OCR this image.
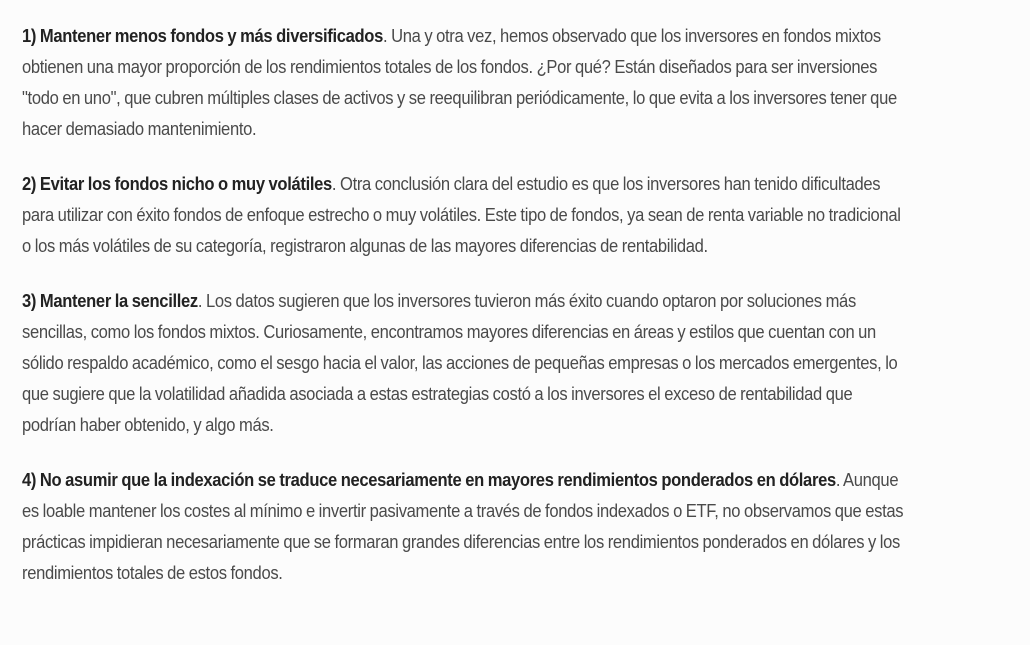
1) Mantener menos fondos y más diversificados. Una y otra vez, hemos observado que los inversores en fondos mixtos obtienen una mayor proporción de los rendimientos totales de los fondos. ¿Por qué? Están diseñados para ser inversiones "todo en uno", que cubren múltiples clases de activos y se reequilibran periódicamente, lo que evita a los inversores tener que hacer demasiado mantenimiento.

2) Evitar los fondos nicho o muy volátiles. Otra conclusión clara del estudio es que los inversores han tenido dificultades para utilizar con éxito fondos de enfoque estrecho o muy volátiles. Este tipo de fondos, ya sean de renta variable no tradicional o los más volátiles de su categoría, registraron algunas de las mayores diferencias de rentabilidad.

3) Mantener la sencillez. Los datos sugieren que los inversores tuvieron más éxito cuando optaron por soluciones más sencillas, como los fondos mixtos. Curiosamente, encontramos mayores diferencias en áreas y estilos que cuentan con un sólido respaldo académico, como el sesgo hacia el valor, las acciones de pequeñas empresas o los mercados emergentes, lo que sugiere que la volatilidad añadida asociada a estas estrategias costó a los inversores el exceso de rentabilidad que podrían haber obtenido, y algo más.

4) No asumir que la indexación se traduce necesariamente en mayores rendimientos ponderados en dólares. Aunque es loable mantener los costes al mínimo e invertir pasivamente a través de fondos indexados o ETF, no observamos que estas prácticas impidieran necesariamente que se formaran grandes diferencias entre los rendimientos ponderados en dólares y los rendimientos totales de estos fondos.
